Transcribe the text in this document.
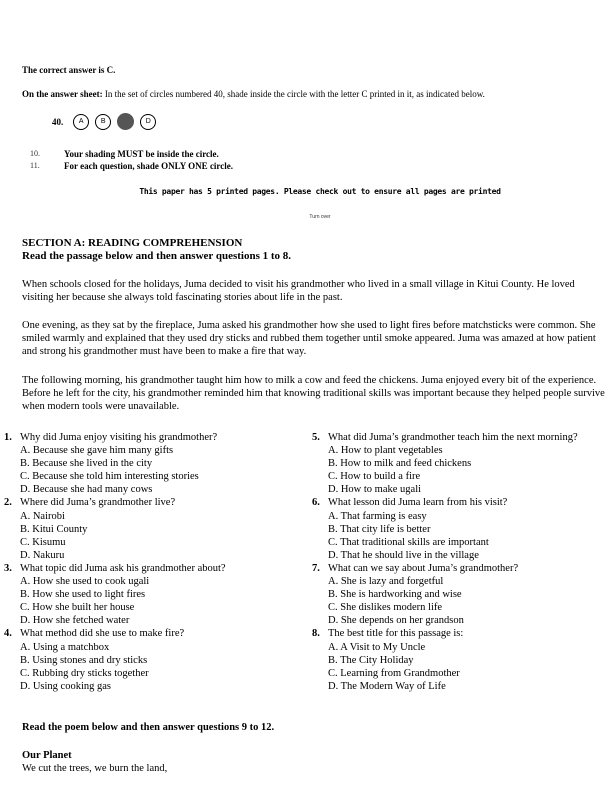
The correct answer is C.
On the answer sheet: In the set of circles numbered 40, shade inside the circle with the letter C printed in it, as indicated below.
40.	A	B	C	D
10.	Your shading MUST be inside the circle.
11.	For each question, shade ONLY ONE circle.
This paper has 5 printed pages. Please check out to ensure all pages are printed
Turn over
SECTION A: READING COMPREHENSION
Read the passage below and then answer questions 1 to 8.
When schools closed for the holidays, Juma decided to visit his grandmother who lived in a small village in Kitui County. He loved visiting her because she always told fascinating stories about life in the past.
One evening, as they sat by the fireplace, Juma asked his grandmother how she used to light fires before matchsticks were common. She smiled warmly and explained that they used dry sticks and rubbed them together until smoke appeared. Juma was amazed at how patient and strong his grandmother must have been to make a fire that way.
The following morning, his grandmother taught him how to milk a cow and feed the chickens. Juma enjoyed every bit of the experience. Before he left for the city, his grandmother reminded him that knowing traditional skills was important because they helped people survive when modern tools were unavailable.
1. Why did Juma enjoy visiting his grandmother?
A. Because she gave him many gifts
B. Because she lived in the city
C. Because she told him interesting stories
D. Because she had many cows
2. Where did Juma’s grandmother live?
A. Nairobi
B. Kitui County
C. Kisumu
D. Nakuru
3. What topic did Juma ask his grandmother about?
A. How she used to cook ugali
B. How she used to light fires
C. How she built her house
D. How she fetched water
4. What method did she use to make fire?
A. Using a matchbox
B. Using stones and dry sticks
C. Rubbing dry sticks together
D. Using cooking gas
5. What did Juma’s grandmother teach him the next morning?
A. How to plant vegetables
B. How to milk and feed chickens
C. How to build a fire
D. How to make ugali
6. What lesson did Juma learn from his visit?
A. That farming is easy
B. That city life is better
C. That traditional skills are important
D. That he should live in the village
7. What can we say about Juma’s grandmother?
A. She is lazy and forgetful
B. She is hardworking and wise
C. She dislikes modern life
D. She depends on her grandson
8. The best title for this passage is:
A. A Visit to My Uncle
B. The City Holiday
C. Learning from Grandmother
D. The Modern Way of Life
Read the poem below and then answer questions 9 to 12.
Our Planet
We cut the trees, we burn the land,
